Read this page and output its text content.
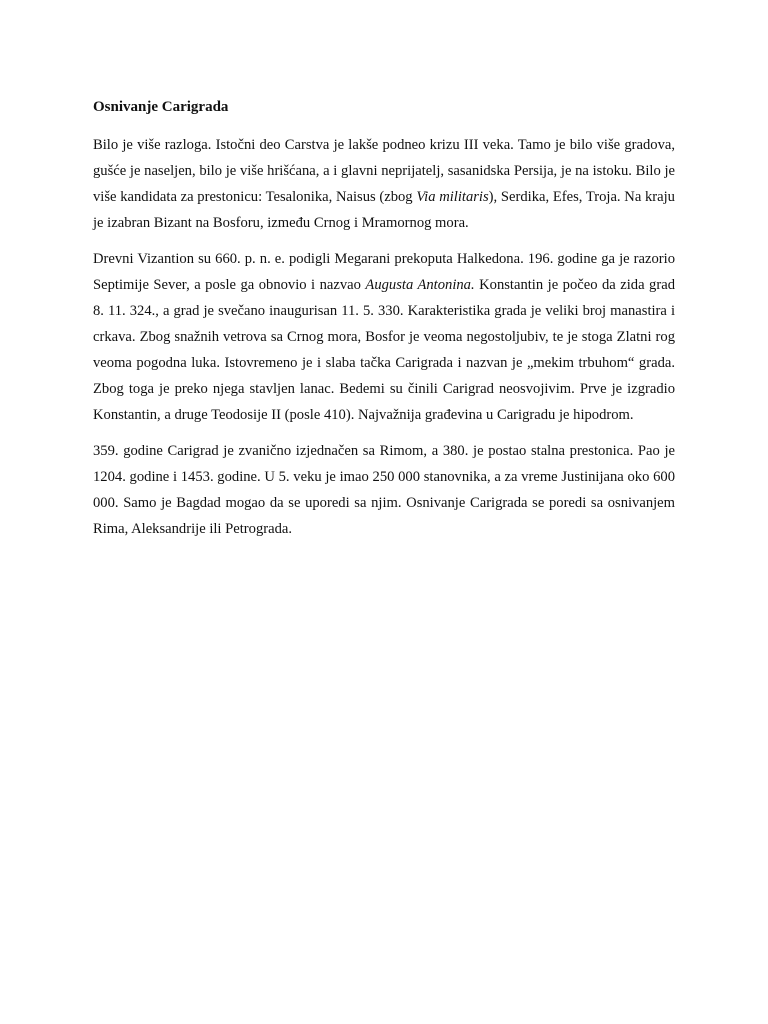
Osnivanje Carigrada

Bilo je više razloga. Istočni deo Carstva je lakše podneo krizu III veka. Tamo je bilo više gradova, gušće je naseljen, bilo je više hrišćana, a i glavni neprijatelj, sasanidska Persija, je na istoku. Bilo je više kandidata za prestonicu: Tesalonika, Naisus (zbog Via militaris), Serdika, Efes, Troja. Na kraju je izabran Bizant na Bosforu, između Crnog i Mramornog mora.

Drevni Vizantion su 660. p. n. e. podigli Megarani prekoputa Halkedona. 196. godine ga je razorio Septimije Sever, a posle ga obnovio i nazvao Augusta Antonina. Konstantin je počeo da zida grad 8. 11. 324., a grad je svečano inaugurisan 11. 5. 330. Karakteristika grada je veliki broj manastira i crkava. Zbog snažnih vetrova sa Crnog mora, Bosfor je veoma negostoljubiv, te je stoga Zlatni rog veoma pogodna luka. Istovremeno je i slaba tačka Carigrada i nazvan je „mekim trbuhom“ grada. Zbog toga je preko njega stavljen lanac. Bedemi su činili Carigrad neosvojivim. Prve je izgradio Konstantin, a druge Teodosije II (posle 410). Najvažnija građevina u Carigradu je hipodrom.

359. godine Carigrad je zvanično izjednačen sa Rimom, a 380. je postao stalna prestonica. Pao je 1204. godine i 1453. godine. U 5. veku je imao 250 000 stanovnika, a za vreme Justinijana oko 600 000. Samo je Bagdad mogao da se uporedi sa njim. Osnivanje Carigrada se poredi sa osnivanjem Rima, Aleksandrije ili Petrograda.
